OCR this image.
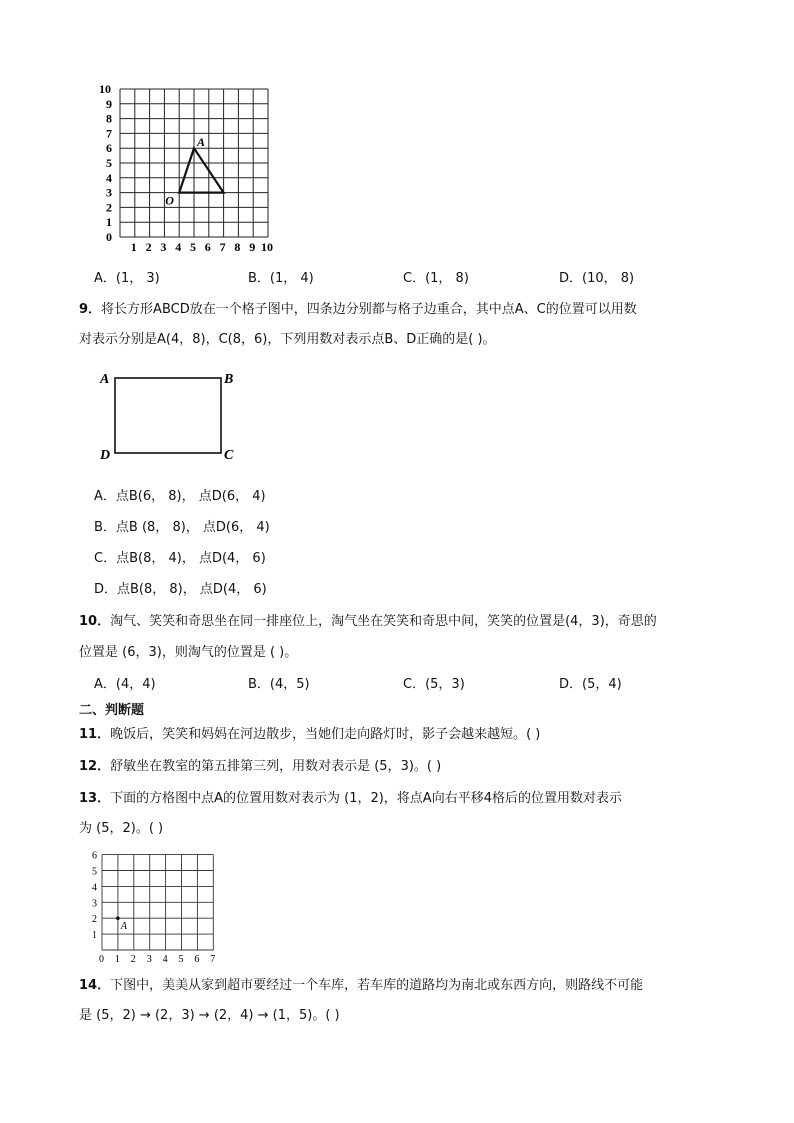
A
O
1 2 3 4 5 6 7 8 9 10
10
9
8
7
6
5
4
3
2
1
0
A．(1， 3)	B．(1， 4)	C．(1， 8)	D．(10， 8)
9．将长方形ABCD放在一个格子图中，四条边分别都与格子边重合，其中点A、C的位置可以用数
对表示分别是A(4，8)，C(8，6)，下列用数对表示点B、D正确的是( )。
A	B
D	C
A．点B(6， 8)， 点D(6， 4)
B．点B (8， 8)， 点D(6， 4)
C．点B(8， 4)， 点D(4， 6)
D．点B(8， 8)， 点D(4， 6)
10．淘气、笑笑和奇思坐在同一排座位上，淘气坐在笑笑和奇思中间，笑笑的位置是(4，3)，奇思的
位置是 (6，3)，则淘气的位置是 ( )。
A．(4，4)	B．(4，5)	C．(5，3)	D．(5，4)
二、判断题
11．晚饭后，笑笑和妈妈在河边散步，当她们走向路灯时，影子会越来越短。( )
12．舒敏坐在教室的第五排第三列，用数对表示是 (5，3)。( )
13．下面的方格图中点A的位置用数对表示为 (1，2)，将点A向右平移4格后的位置用数对表示
为 (5，2)。( )
A
0 1 2 3 4 5 6 7
6
5
4
3
2
1
14．下图中，美美从家到超市要经过一个车库，若车库的道路均为南北或东西方向，则路线不可能
是 (5，2) → (2，3) → (2，4) → (1，5)。( )
